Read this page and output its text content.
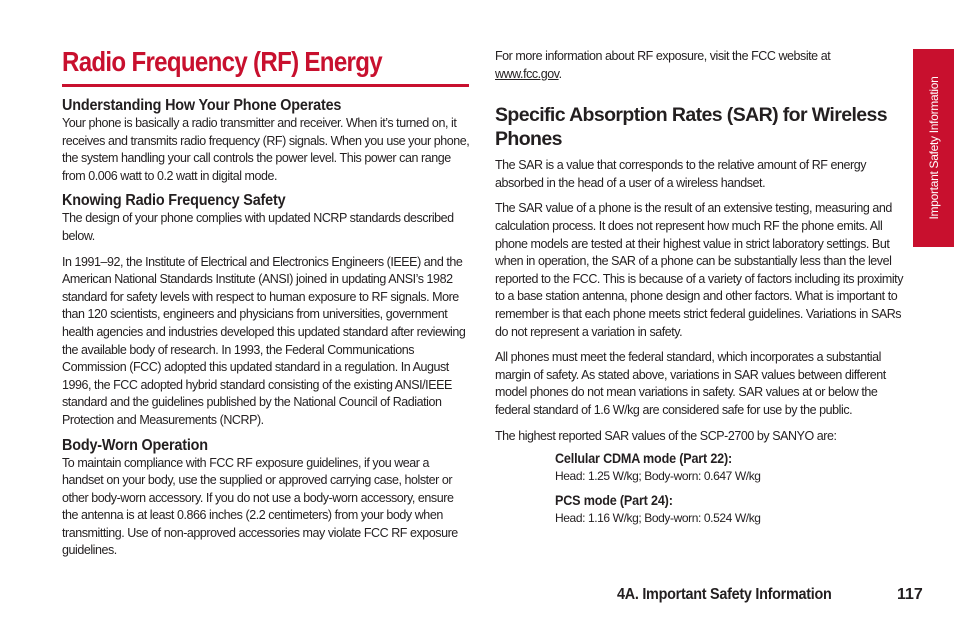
Radio Frequency (RF) Energy
Understanding How Your Phone Operates

Your phone is basically a radio transmitter and receiver. When it’s turned on, it receives and transmits radio frequency (RF) signals. When you use your phone, the system handling your call controls the power level. This power can range from 0.006 watt to 0.2 watt in digital mode.

Knowing Radio Frequency Safety

The design of your phone complies with updated NCRP standards described below.

In 1991–92, the Institute of Electrical and Electronics Engineers (IEEE) and the American National Standards Institute (ANSI) joined in updating ANSI’s 1982 standard for safety levels with respect to human exposure to RF signals. More than 120 scientists, engineers and physicians from universities, government health agencies and industries developed this updated standard after reviewing the available body of research. In 1993, the Federal Communications Commission (FCC) adopted this updated standard in a regulation. In August 1996, the FCC adopted hybrid standard consisting of the existing ANSI/IEEE standard and the guidelines published by the National Council of Radiation Protection and Measurements (NCRP).

Body-Worn Operation

To maintain compliance with FCC RF exposure guidelines, if you wear a handset on your body, use the supplied or approved carrying case, holster or other body-worn accessory. If you do not use a body-worn accessory, ensure the antenna is at least 0.866 inches (2.2 centimeters) from your body when transmitting. Use of non-approved accessories may violate FCC RF exposure guidelines.

For more information about RF exposure, visit the FCC website at
www.fcc.gov.

Specific Absorption Rates (SAR) for Wireless Phones

The SAR is a value that corresponds to the relative amount of RF energy absorbed in the head of a user of a wireless handset.

The SAR value of a phone is the result of an extensive testing, measuring and calculation process. It does not represent how much RF the phone emits. All phone models are tested at their highest value in strict laboratory settings. But when in operation, the SAR of a phone can be substantially less than the level reported to the FCC. This is because of a variety of factors including its proximity to a base station antenna, phone design and other factors. What is important to remember is that each phone meets strict federal guidelines. Variations in SARs do not represent a variation in safety.

All phones must meet the federal standard, which incorporates a substantial margin of safety. As stated above, variations in SAR values between different model phones do not mean variations in safety. SAR values at or below the federal standard of 1.6 W/kg are considered safe for use by the public.

The highest reported SAR values of the SCP-2700 by SANYO are:

Cellular CDMA mode (Part 22):

Head: 1.25 W/kg; Body-worn: 0.647 W/kg

PCS mode (Part 24):

Head: 1.16 W/kg; Body-worn: 0.524 W/kg

Important Safety Information
4A. Important Safety Information	117
